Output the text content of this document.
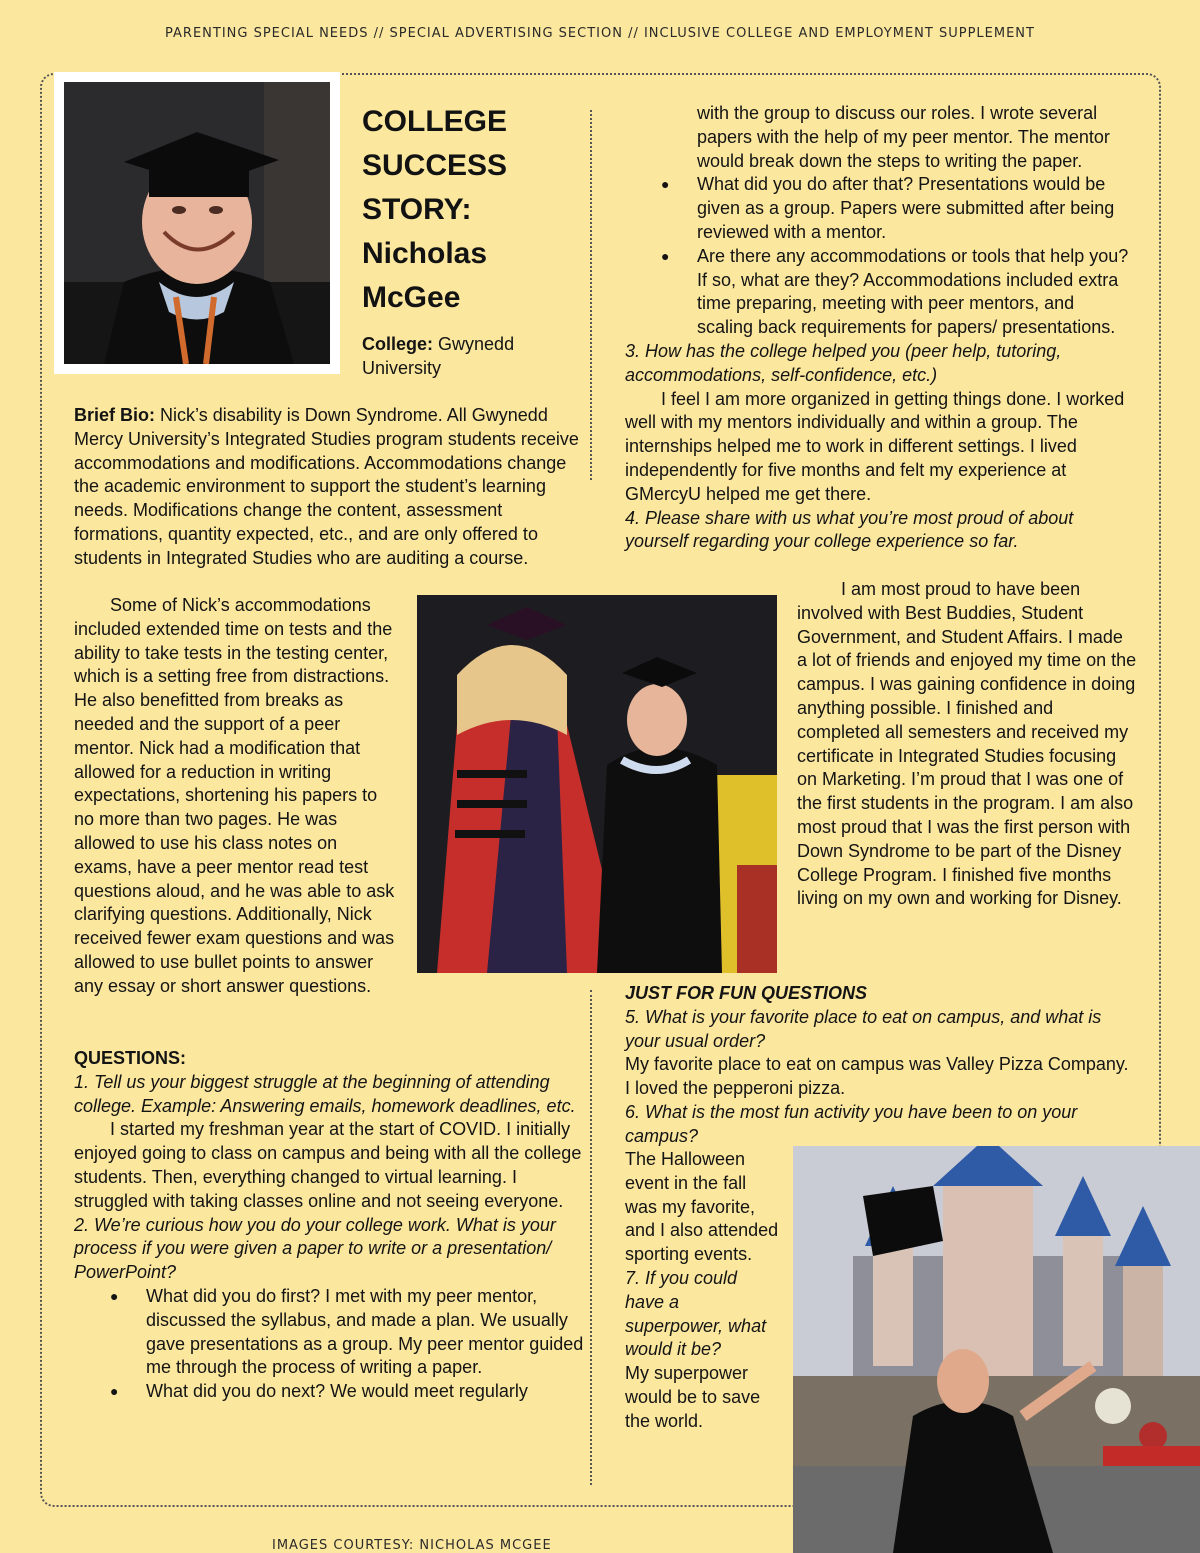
PARENTING SPECIAL NEEDS // SPECIAL ADVERTISING SECTION // INCLUSIVE COLLEGE AND EMPLOYMENT SUPPLEMENT
COLLEGE
SUCCESS
STORY:
Nicholas
McGee
College: Gwynedd University

Brief Bio: Nick’s disability is Down Syndrome. All Gwynedd Mercy University’s Integrated Studies program students receive accommodations and modifications. Accommodations change the academic environment to support the student’s learning needs. Modifications change the content, assessment formations, quantity expected, etc., and are only offered to students in Integrated Studies who are auditing a course.

Some of Nick’s accommodations included extended time on tests and the ability to take tests in the testing center, which is a setting free from distractions. He also benefitted from breaks as needed and the support of a peer mentor. Nick had a modification that allowed for a reduction in writing expectations, shortening his papers to no more than two pages. He was allowed to use his class notes on exams, have a peer mentor read test questions aloud, and he was able to ask clarifying questions. Additionally, Nick received fewer exam questions and was allowed to use bullet points to answer any essay or short answer questions.

QUESTIONS:

1. Tell us your biggest struggle at the beginning of attending college. Example: Answering emails, homework deadlines, etc.

I started my freshman year at the start of COVID. I initially enjoyed going to class on campus and being with all the college students. Then, everything changed to virtual learning. I struggled with taking classes online and not seeing everyone.

2. We’re curious how you do your college work. What is your process if you were given a paper to write or a presentation/ PowerPoint?

● What did you do first? I met with my peer mentor, discussed the syllabus, and made a plan. We usually gave presentations as a group. My peer mentor guided me through the process of writing a paper.
● What did you do next? We would meet regularly
with the group to discuss our roles. I wrote several papers with the help of my peer mentor. The mentor would break down the steps to writing the paper.
● What did you do after that? Presentations would be given as a group. Papers were submitted after being reviewed with a mentor.
● Are there any accommodations or tools that help you? If so, what are they? Accommodations included extra time preparing, meeting with peer mentors, and scaling back requirements for papers/ presentations.

3. How has the college helped you (peer help, tutoring, accommodations, self-confidence, etc.)

I feel I am more organized in getting things done. I worked well with my mentors individually and within a group. The internships helped me to work in different settings. I lived independently for five months and felt my experience at GMercyU helped me get there.

4. Please share with us what you’re most proud of about yourself regarding your college experience so far.

I am most proud to have been involved with Best Buddies, Student Government, and Student Affairs. I made a lot of friends and enjoyed my time on the campus. I was gaining confidence in doing anything possible. I finished and completed all semesters and received my certificate in Integrated Studies focusing on Marketing. I’m proud that I was one of the first students in the program. I am also most proud that I was the first person with Down Syndrome to be part of the Disney College Program. I finished five months living on my own and working for Disney.

JUST FOR FUN QUESTIONS

5. What is your favorite place to eat on campus, and what is your usual order?

My favorite place to eat on campus was Valley Pizza Company. I loved the pepperoni pizza.

6. What is the most fun activity you have been to on your campus?

The Halloween event in the fall was my favorite, and I also attended sporting events.

7. If you could have a superpower, what would it be?

My superpower would be to save the world.

IMAGES COURTESY: NICHOLAS MCGEE
